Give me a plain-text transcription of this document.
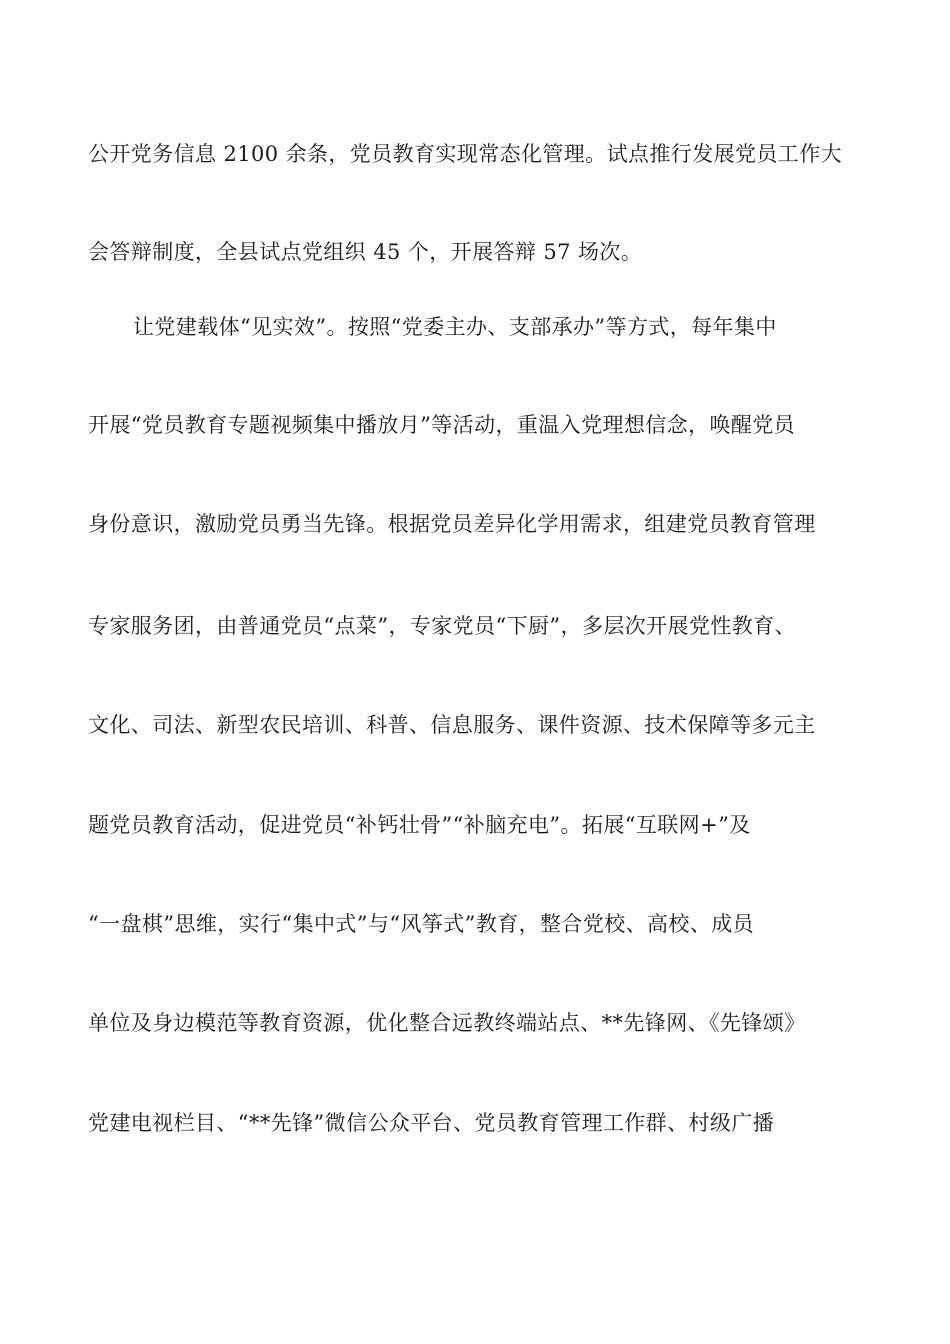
公开党务信息 2100 余条，党员教育实现常态化管理。试点推行发展党员工作大
会答辩制度，全县试点党组织 45 个，开展答辩 57 场次。
让党建载体“见实效”。按照“党委主办、支部承办”等方式，每年集中
开展“党员教育专题视频集中播放月”等活动，重温入党理想信念，唤醒党员
身份意识，激励党员勇当先锋。根据党员差异化学用需求，组建党员教育管理
专家服务团，由普通党员“点菜”，专家党员“下厨”，多层次开展党性教育、
文化、司法、新型农民培训、科普、信息服务、课件资源、技术保障等多元主
题党员教育活动，促进党员“补钙壮骨”“补脑充电”。拓展“互联网+”及
“一盘棋”思维，实行“集中式”与“风筝式”教育，整合党校、高校、成员
单位及身边模范等教育资源，优化整合远教终端站点、**先锋网、《先锋颂》
党建电视栏目、“**先锋”微信公众平台、党员教育管理工作群、村级广播
